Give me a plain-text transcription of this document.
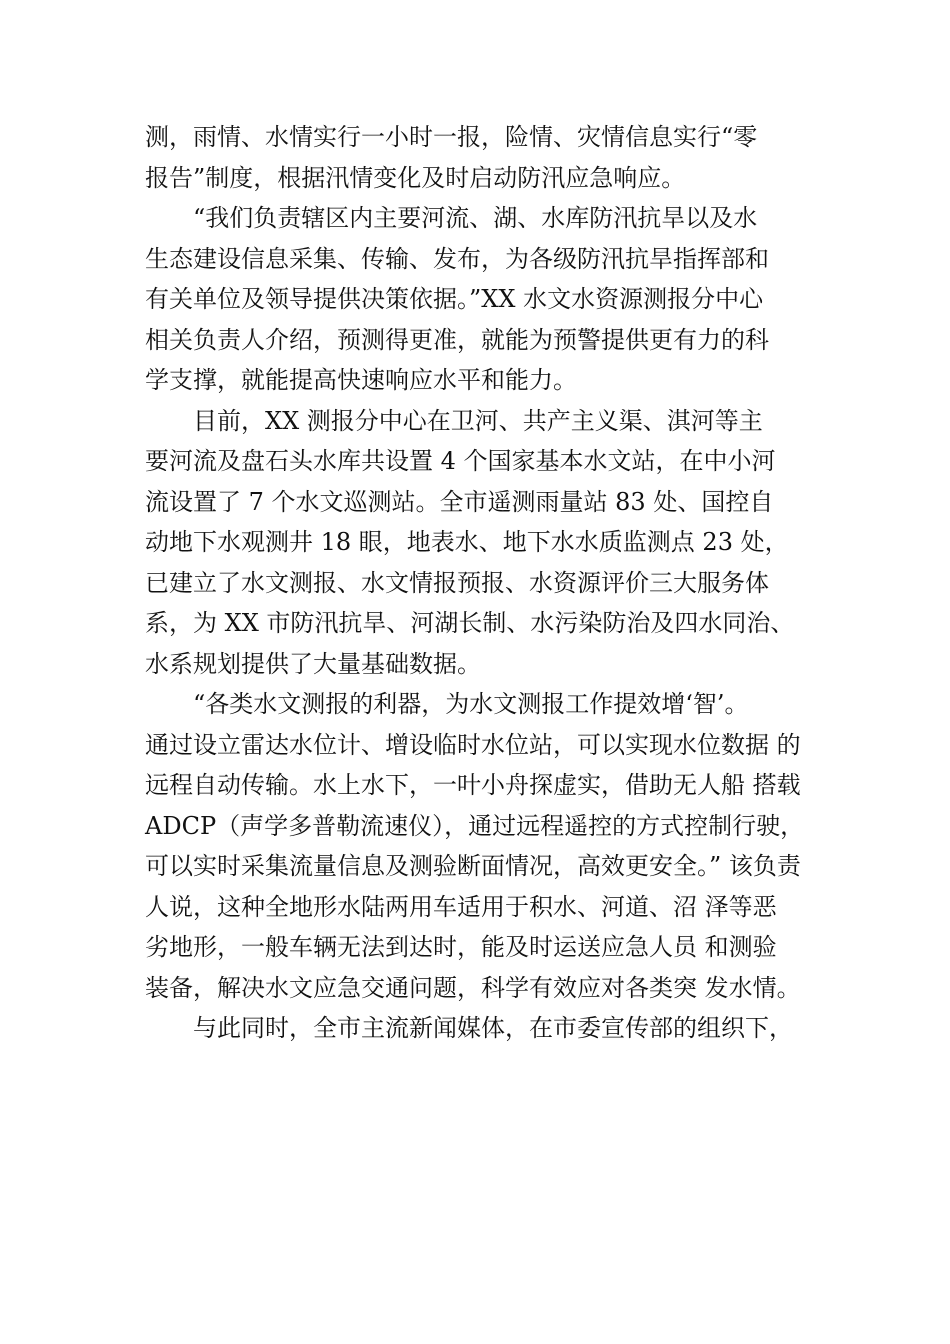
测，雨情、水情实行一小时一报，险情、灾情信息实行“零
报告”制度，根据汛情变化及时启动防汛应急响应。
“我们负责辖区内主要河流、湖、水库防汛抗旱以及水
生态建设信息采集、传输、发布，为各级防汛抗旱指挥部和
有关单位及领导提供决策依据。”XX 水文水资源测报分中心
相关负责人介绍，预测得更准，就能为预警提供更有力的科
学支撑，就能提高快速响应水平和能力。
目前，XX 测报分中心在卫河、共产主义渠、淇河等主
要河流及盘石头水库共设置 4 个国家基本水文站，在中小河
流设置了 7 个水文巡测站。全市遥测雨量站 83 处、国控自
动地下水观测井 18 眼，地表水、地下水水质监测点 23 处，
已建立了水文测报、水文情报预报、水资源评价三大服务体
系，为 XX 市防汛抗旱、河湖长制、水污染防治及四水同治、
水系规划提供了大量基础数据。
“各类水文测报的利器，为水文测报工作提效增‘智’。
通过设立雷达水位计、增设临时水位站，可以实现水位数据 的
远程自动传输。水上水下，一叶小舟探虚实，借助无人船 搭载
ADCP（声学多普勒流速仪），通过远程遥控的方式控制行驶，
可以实时采集流量信息及测验断面情况，高效更安全。” 该负责
人说，这种全地形水陆两用车适用于积水、河道、沼 泽等恶
劣地形，一般车辆无法到达时，能及时运送应急人员 和测验
装备，解决水文应急交通问题，科学有效应对各类突 发水情。
与此同时，全市主流新闻媒体，在市委宣传部的组织下，
